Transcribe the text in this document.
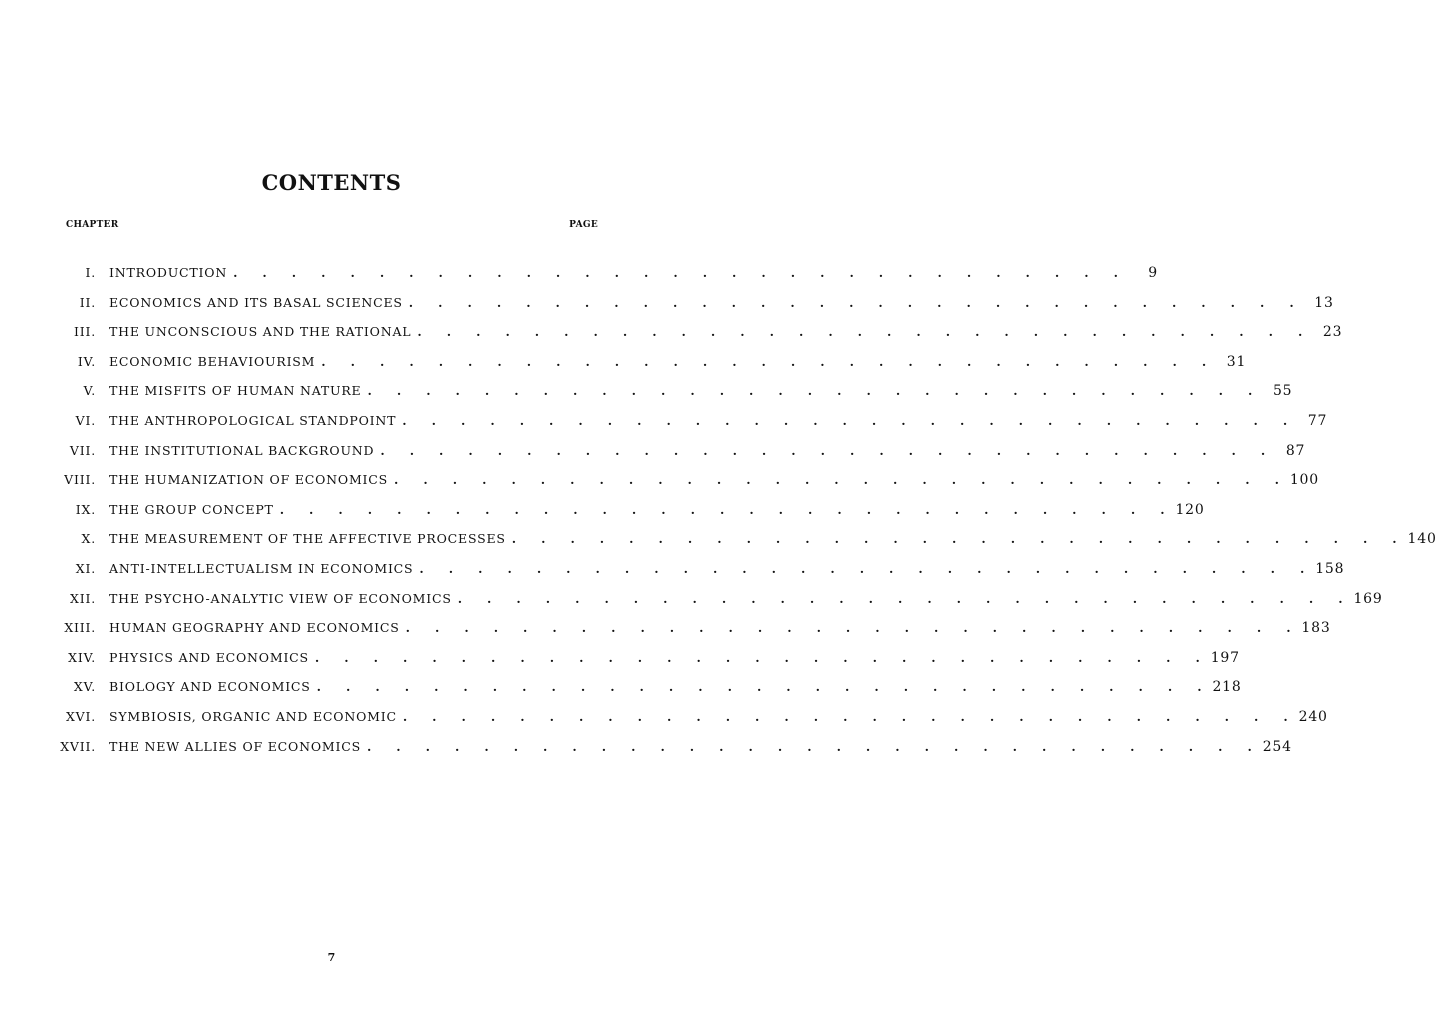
CONTENTS
CHAPTER	PAGE
I. INTRODUCTION .  .  .  .  .  .  .  .  .  .  .  .  .  .  .  .  .  .  .  .  .  .  .  .  .  .  .  .  .  .  .	9
II. ECONOMICS AND ITS BASAL SCIENCES .  .  .  .  .  .  .  .  .  .  .  .  .  .  .  .  .  .  .  .  .  .  .  .  .  .  .  .  .  .  .	13
III. THE UNCONSCIOUS AND THE RATIONAL .  .  .  .  .  .  .  .  .  .  .  .  .  .  .  .  .  .  .  .  .  .  .  .  .  .  .  .  .  .  .	23
IV. ECONOMIC BEHAVIOURISM .  .  .  .  .  .  .  .  .  .  .  .  .  .  .  .  .  .  .  .  .  .  .  .  .  .  .  .  .  .  .	31
V. THE MISFITS OF HUMAN NATURE .  .  .  .  .  .  .  .  .  .  .  .  .  .  .  .  .  .  .  .  .  .  .  .  .  .  .  .  .  .  .	55
VI. THE ANTHROPOLOGICAL STANDPOINT .  .  .  .  .  .  .  .  .  .  .  .  .  .  .  .  .  .  .  .  .  .  .  .  .  .  .  .  .  .  .	77
VII. THE INSTITUTIONAL BACKGROUND .  .  .  .  .  .  .  .  .  .  .  .  .  .  .  .  .  .  .  .  .  .  .  .  .  .  .  .  .  .  .	87
VIII. THE HUMANIZATION OF ECONOMICS .  .  .  .  .  .  .  .  .  .  .  .  .  .  .  .  .  .  .  .  .  .  .  .  .  .  .  .  .  .  . 100
IX. THE GROUP CONCEPT .  .  .  .  .  .  .  .  .  .  .  .  .  .  .  .  .  .  .  .  .  .  .  .  .  .  .  .  .  .  . 120
X. THE MEASUREMENT OF THE AFFECTIVE PROCESSES .  .  .  .  .  .  .  .  .  .  .  .  .  .  .  .  .  .  .  .  .  .  .  .  .  .  .  .  .  .  . 140
XI. ANTI-INTELLECTUALISM IN ECONOMICS .  .  .  .  .  .  .  .  .  .  .  .  .  .  .  .  .  .  .  .  .  .  .  .  .  .  .  .  .  .  . 158
XII. THE PSYCHO-ANALYTIC VIEW OF ECONOMICS .  .  .  .  .  .  .  .  .  .  .  .  .  .  .  .  .  .  .  .  .  .  .  .  .  .  .  .  .  .  . 169
XIII. HUMAN GEOGRAPHY AND ECONOMICS .  .  .  .  .  .  .  .  .  .  .  .  .  .  .  .  .  .  .  .  .  .  .  .  .  .  .  .  .  .  . 183
XIV. PHYSICS AND ECONOMICS .  .  .  .  .  .  .  .  .  .  .  .  .  .  .  .  .  .  .  .  .  .  .  .  .  .  .  .  .  .  . 197
XV. BIOLOGY AND ECONOMICS .  .  .  .  .  .  .  .  .  .  .  .  .  .  .  .  .  .  .  .  .  .  .  .  .  .  .  .  .  .  . 218
XVI. SYMBIOSIS, ORGANIC AND ECONOMIC .  .  .  .  .  .  .  .  .  .  .  .  .  .  .  .  .  .  .  .  .  .  .  .  .  .  .  .  .  .  . 240
XVII. THE NEW ALLIES OF ECONOMICS .  .  .  .  .  .  .  .  .  .  .  .  .  .  .  .  .  .  .  .  .  .  .  .  .  .  .  .  .  .  . 254
7
